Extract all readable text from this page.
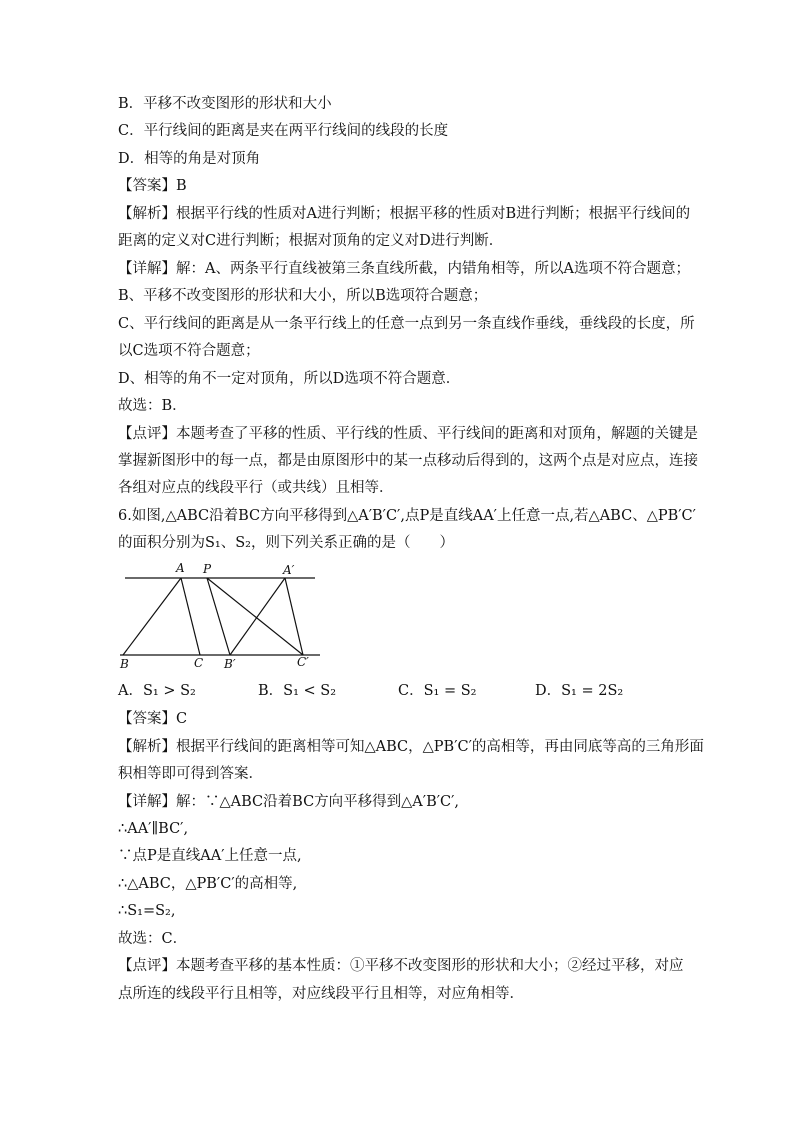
B．平移不改变图形的形状和大小
C．平行线间的距离是夹在两平行线间的线段的长度
D．相等的角是对顶角
【答案】B
【解析】根据平行线的性质对A进行判断；根据平移的性质对B进行判断；根据平行线间的
距离的定义对C进行判断；根据对顶角的定义对D进行判断．
【详解】解：A、两条平行直线被第三条直线所截，内错角相等，所以A选项不符合题意；
B、平移不改变图形的形状和大小，所以B选项符合题意；
C、平行线间的距离是从一条平行线上的任意一点到另一条直线作垂线，垂线段的长度，所
以C选项不符合题意；
D、相等的角不一定对顶角，所以D选项不符合题意．
故选：B．
【点评】本题考查了平移的性质、平行线的性质、平行线间的距离和对顶角，解题的关键是
掌握新图形中的每一点，都是由原图形中的某一点移动后得到的，这两个点是对应点，连接
各组对应点的线段平行（或共线）且相等．
6.如图,△ABC沿着BC方向平移得到△A′B′C′,点P是直线AA′上任意一点,若△ABC、△PB′C′
的面积分别为S₁、S₂，则下列关系正确的是（　　）
A P	A′
B	C B′	C′
A．S₁ > S₂	B．S₁ < S₂	C．S₁ = S₂	D．S₁ = 2S₂
【答案】C
【解析】根据平行线间的距离相等可知△ABC，△PB′C′的高相等，再由同底等高的三角形面
积相等即可得到答案．
【详解】解：∵△ABC沿着BC方向平移得到△A′B′C′,
∴AA′∥BC′,
∵点P是直线AA′上任意一点,
∴△ABC，△PB′C′的高相等,
∴S₁=S₂,
故选：C．
【点评】本题考查平移的基本性质：①平移不改变图形的形状和大小；②经过平移，对应
点所连的线段平行且相等，对应线段平行且相等，对应角相等．
